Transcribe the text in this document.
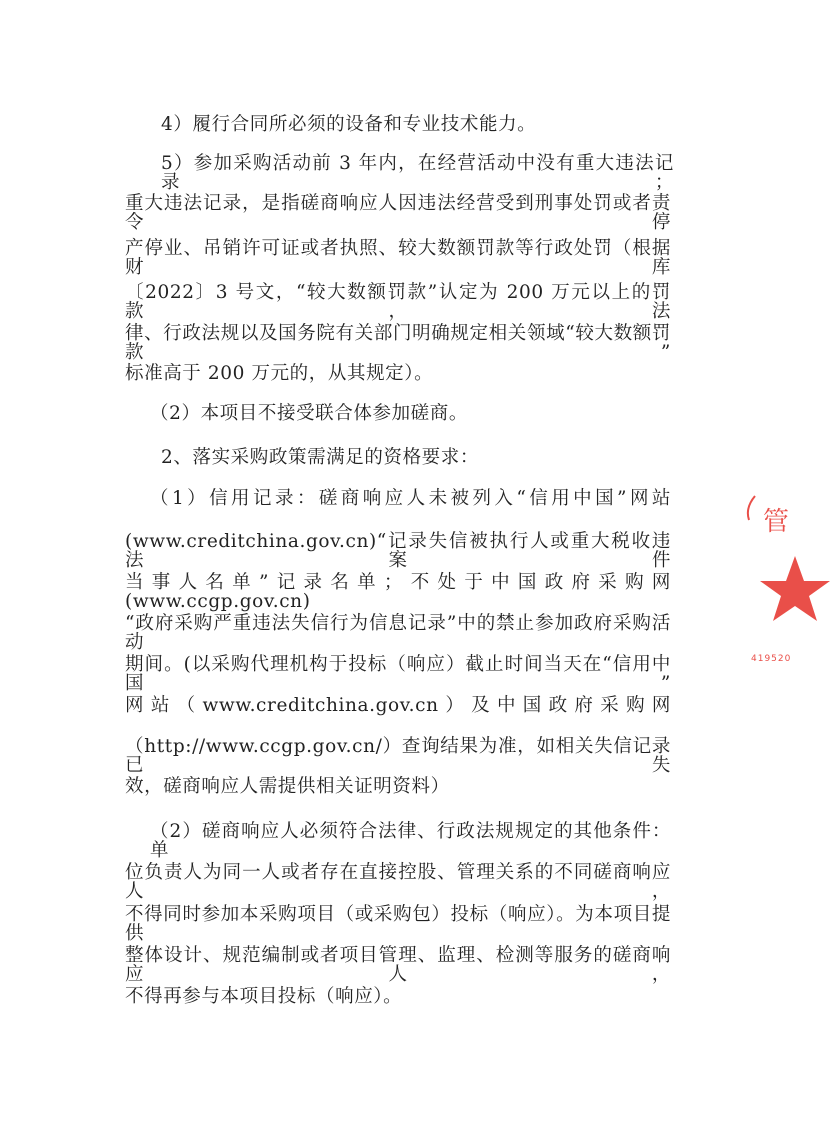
4）履行合同所必须的设备和专业技术能力。
5）参加采购活动前 3 年内，在经营活动中没有重大违法记录；
重大违法记录，是指磋商响应人因违法经营受到刑事处罚或者责令停
产停业、吊销许可证或者执照、较大数额罚款等行政处罚（根据财库
〔2022〕3 号文，“较大数额罚款”认定为 200 万元以上的罚款，法
律、行政法规以及国务院有关部门明确规定相关领域“较大数额罚款”
标准高于 200 万元的，从其规定）。
（2）本项目不接受联合体参加磋商。
2、落实采购政策需满足的资格要求：
（1）信用记录：磋商响应人未被列入“信用中国”网站
(www.creditchina.gov.cn)“记录失信被执行人或重大税收违法案件
当事人名单”记录名单；不处于中国政府采购网(www.ccgp.gov.cn)
“政府采购严重违法失信行为信息记录”中的禁止参加政府采购活动
期间。(以采购代理机构于投标（响应）截止时间当天在“信用中国”
网站（www.creditchina.gov.cn）及中国政府采购网
（http://www.ccgp.gov.cn/）查询结果为准，如相关失信记录已失
效，磋商响应人需提供相关证明资料）
（2）磋商响应人必须符合法律、行政法规规定的其他条件：单
位负责人为同一人或者存在直接控股、管理关系的不同磋商响应人，
不得同时参加本采购项目（或采购包）投标（响应）。为本项目提供
整体设计、规范编制或者项目管理、监理、检测等服务的磋商响应人，
不得再参与本项目投标（响应）。
管
419520
